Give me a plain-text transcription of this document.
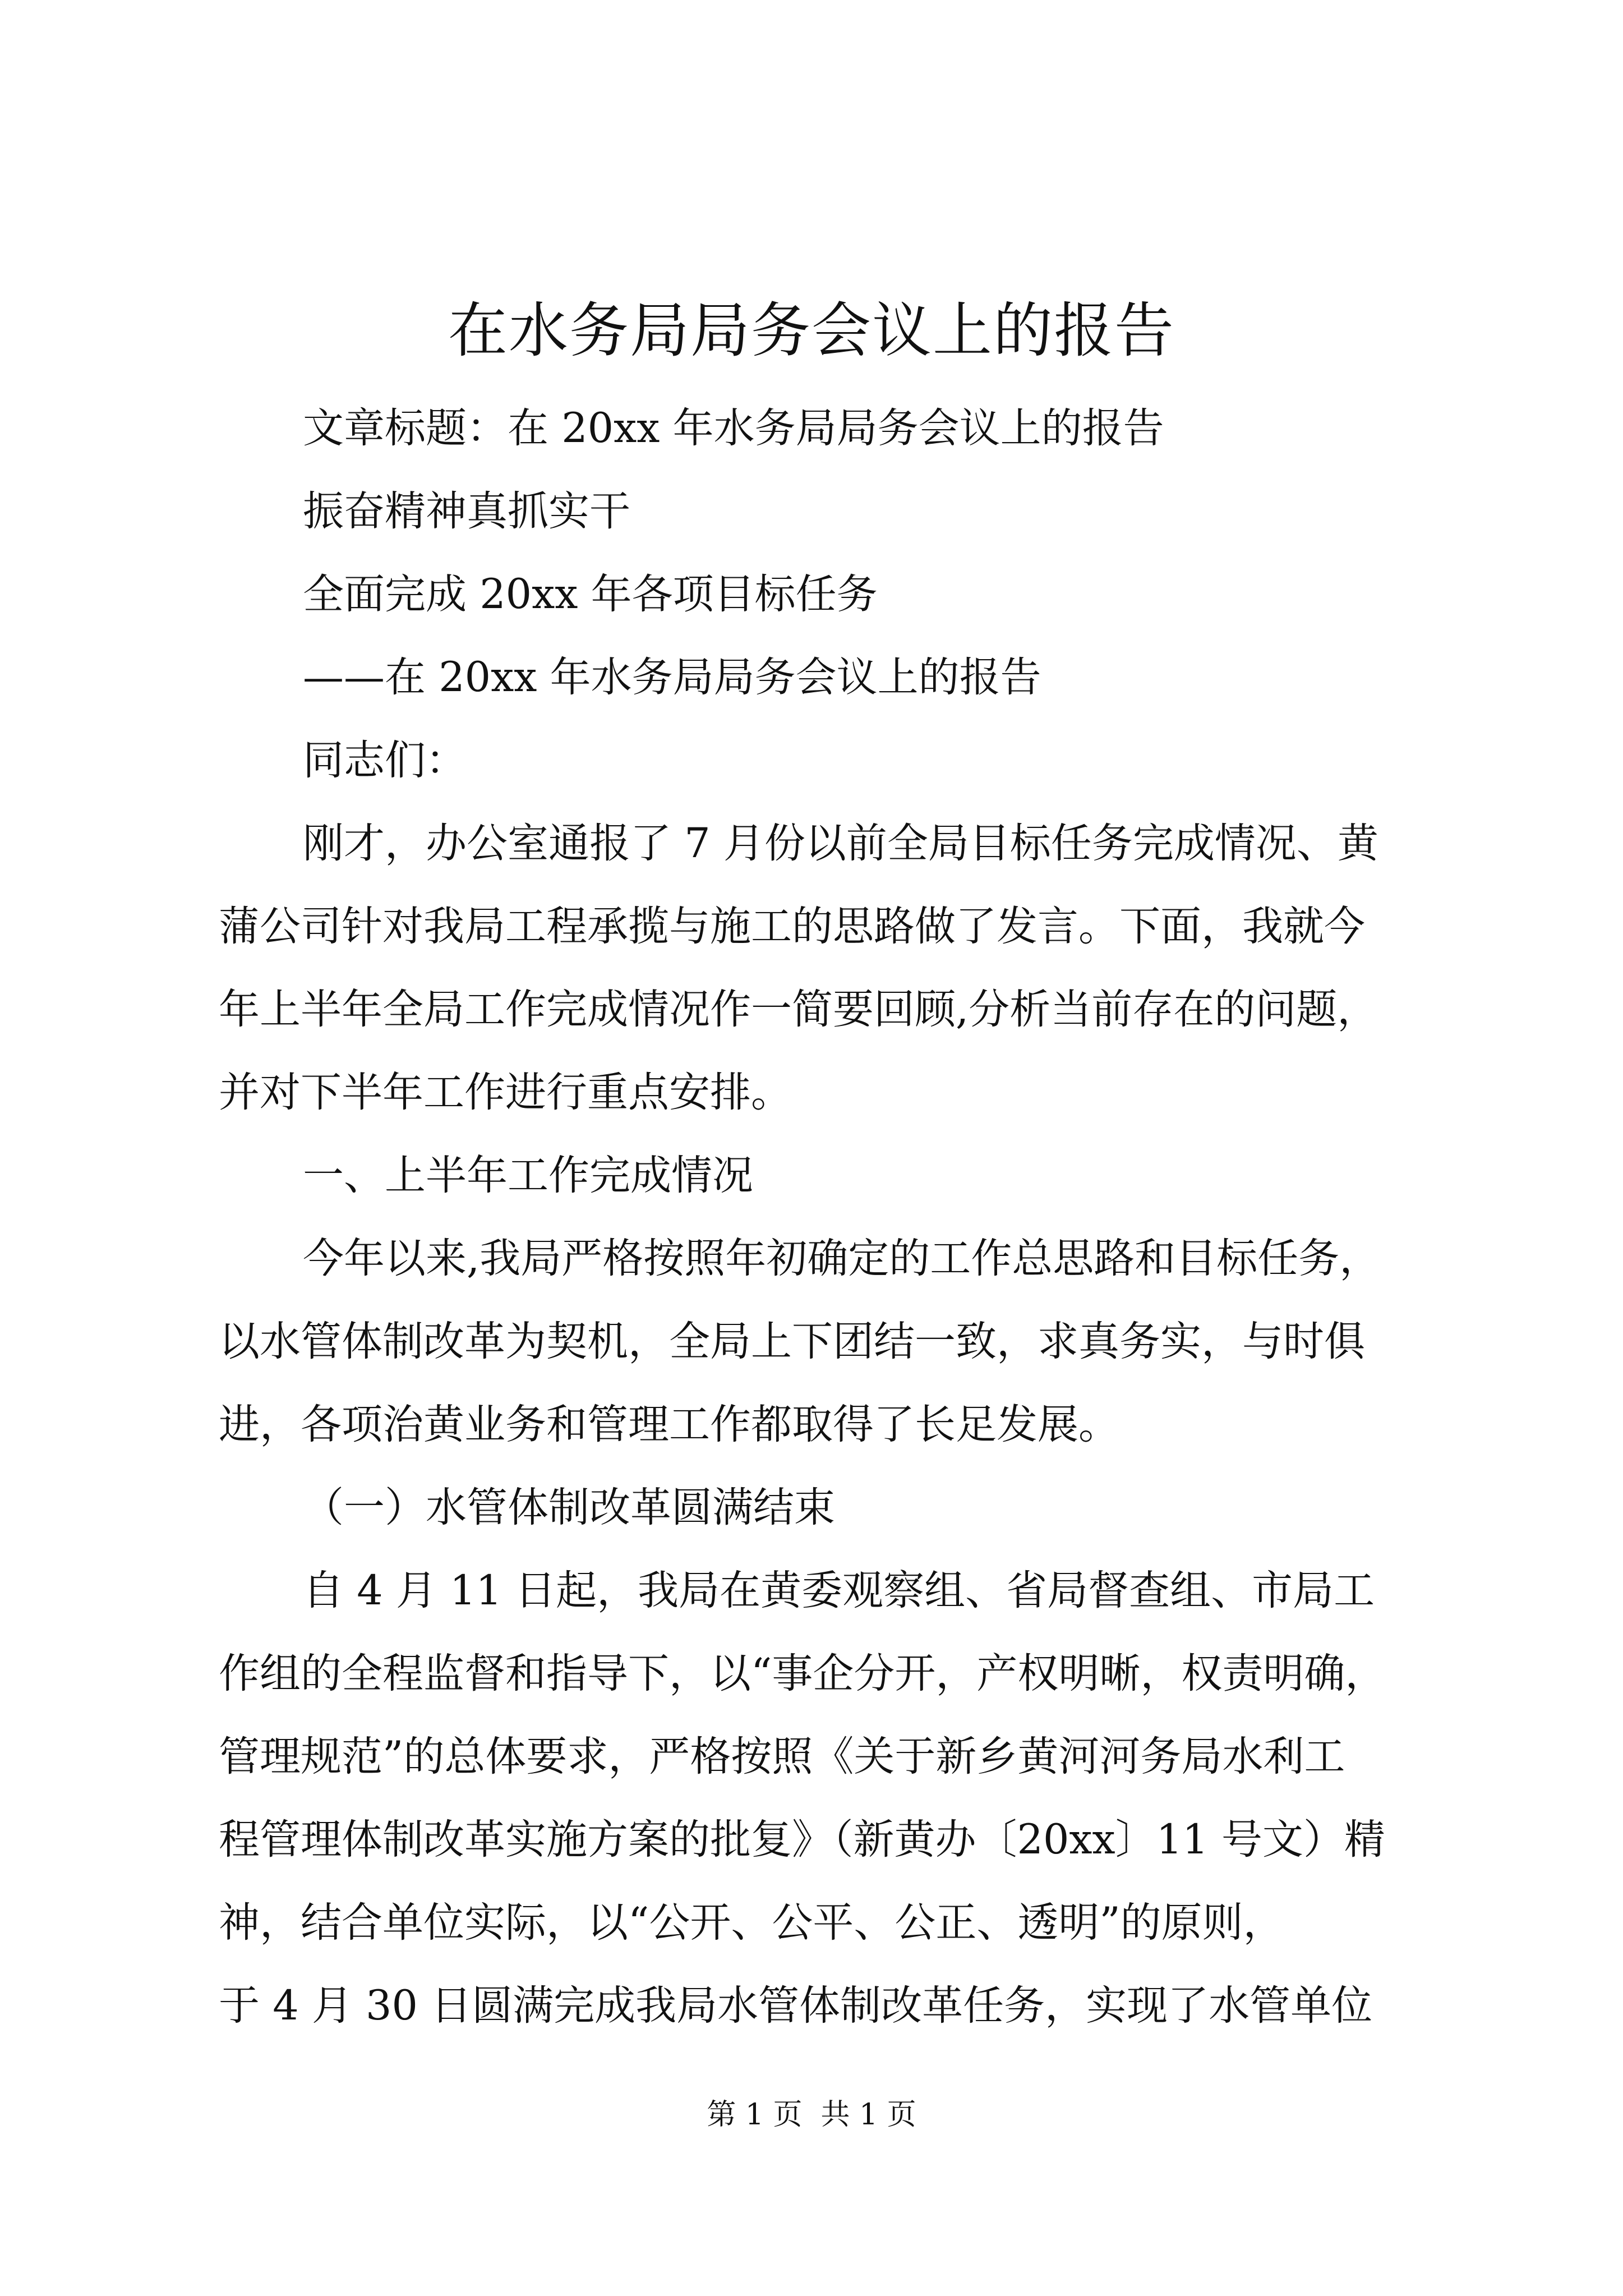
在水务局局务会议上的报告

文章标题：在 20xx 年水务局局务会议上的报告

振奋精神真抓实干

全面完成 20xx 年各项目标任务

——在 20xx 年水务局局务会议上的报告

同志们：

刚才，办公室通报了 7 月份以前全局目标任务完成情况、黄
蒲公司针对我局工程承揽与施工的思路做了发言。下面，我就今
年上半年全局工作完成情况作一简要回顾,分析当前存在的问题，
并对下半年工作进行重点安排。

一、上半年工作完成情况

今年以来,我局严格按照年初确定的工作总思路和目标任务，
以水管体制改革为契机，全局上下团结一致，求真务实，与时俱
进，各项治黄业务和管理工作都取得了长足发展。

（一）水管体制改革圆满结束

自 4 月 11 日起，我局在黄委观察组、省局督查组、市局工
作组的全程监督和指导下，以“事企分开，产权明晰，权责明确，
管理规范”的总体要求，严格按照《关于新乡黄河河务局水利工
程管理体制改革实施方案的批复》（新黄办〔20xx〕11 号文）精
神，结合单位实际，以“公开、公平、公正、透明”的原则，
于 4 月 30 日圆满完成我局水管体制改革任务，实现了水管单位
第 1 页  共 1 页
